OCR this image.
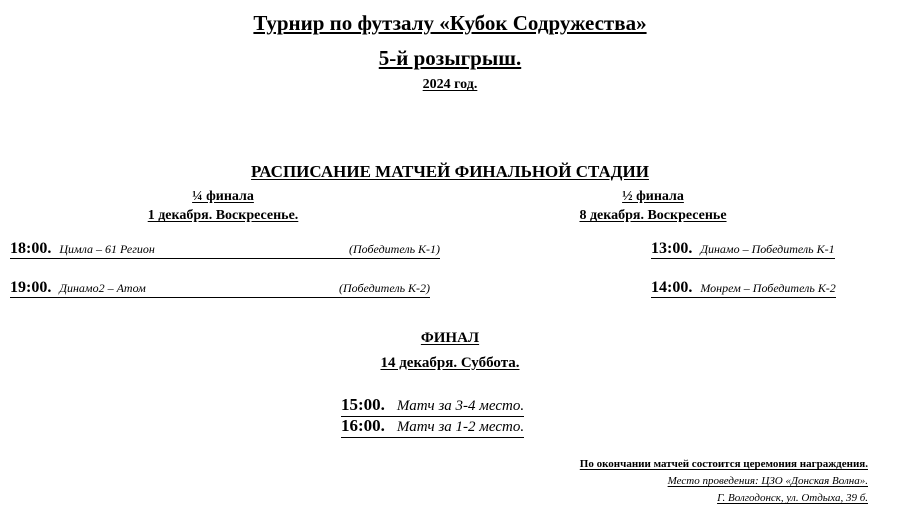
Турнир по футзалу «Кубок Содружества»
5-й розыгрыш.
2024 год.
РАСПИСАНИЕ МАТЧЕЙ ФИНАЛЬНОЙ СТАДИИ
¼ финала
1 декабря. Воскресенье.
½ финала
8 декабря. Воскресенье
18:00. Цимла – 61 Регион	(Победитель К-1)
19:00. Динамо2 – Атом	(Победитель К-2)
13:00. Динамо – Победитель К-1
14:00. Монрем – Победитель К-2
ФИНАЛ
14 декабря. Суббота.
15:00. Матч за 3-4 место.
16:00. Матч за 1-2 место.
По окончании матчей состоится церемония награждения.
Место проведения: ЦЗО «Донская Волна».
Г. Волгодонск, ул. Отдыха, 39 б.
